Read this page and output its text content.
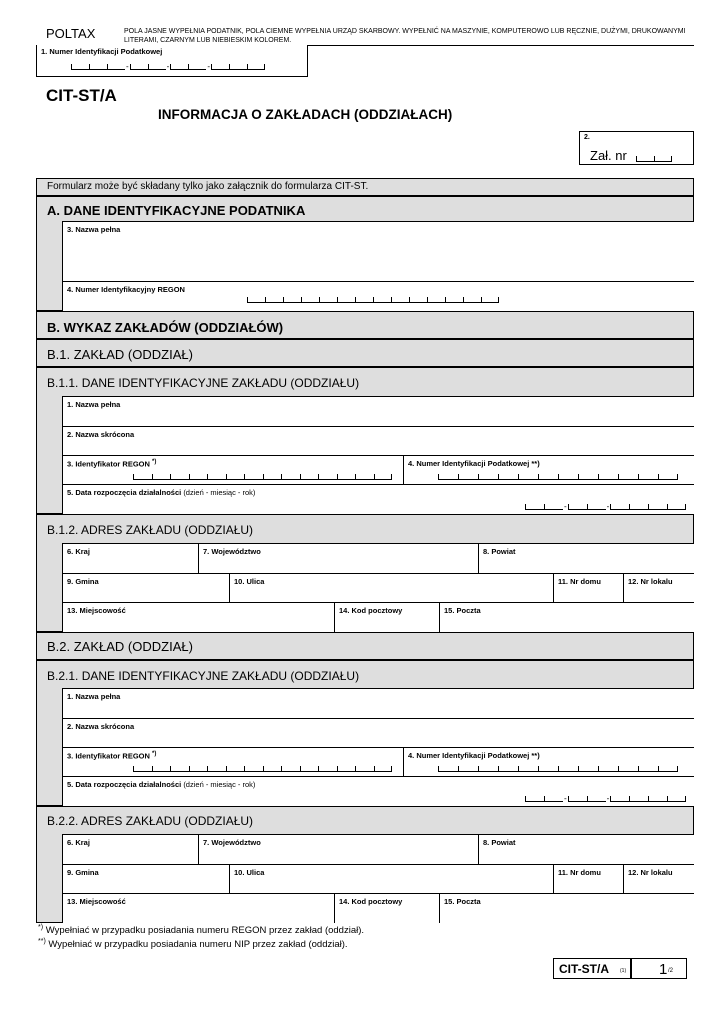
POLTAX	POLA JASNE WYPEŁNIA PODATNIK, POLA CIEMNE WYPEŁNIA URZĄD SKARBOWY. WYPEŁNIĆ NA MASZYNIE, KOMPUTEROWO LUB RĘCZNIE, DUŻYMI, DRUKOWANYMI LITERAMI, CZARNYM LUB NIEBIESKIM KOLOREM.
1. Numer Identyfikacji Podatkowej
-	-	-
CIT-ST/A
INFORMACJA O ZAKŁADACH (ODDZIAŁACH)
2.
Zał. nr
Formularz może być składany tylko jako załącznik do formularza CIT-ST.
A. DANE IDENTYFIKACYJNE PODATNIKA
3. Nazwa pełna
4. Numer Identyfikacyjny REGON
B. WYKAZ ZAKŁADÓW (ODDZIAŁÓW)
B.1. ZAKŁAD (ODDZIAŁ)
B.1.1. DANE IDENTYFIKACYJNE ZAKŁADU (ODDZIAŁU)
1. Nazwa pełna
2. Nazwa skrócona
3. Identyfikator REGON *)	4. Numer Identyfikacji Podatkowej **)
5. Data rozpoczęcia działalności (dzień - miesiąc - rok)
-	-
B.1.2. ADRES ZAKŁADU (ODDZIAŁU)
6. Kraj	7. Województwo	8. Powiat
9. Gmina	10. Ulica	11. Nr domu	12. Nr lokalu
13. Miejscowość	14. Kod pocztowy	15. Poczta
B.2. ZAKŁAD (ODDZIAŁ)
B.2.1. DANE IDENTYFIKACYJNE ZAKŁADU (ODDZIAŁU)
1. Nazwa pełna
2. Nazwa skrócona
3. Identyfikator REGON *)	4. Numer Identyfikacji Podatkowej **)
5. Data rozpoczęcia działalności (dzień - miesiąc - rok)
-	-
B.2.2. ADRES ZAKŁADU (ODDZIAŁU)
6. Kraj	7. Województwo	8. Powiat
9. Gmina	10. Ulica	11. Nr domu	12. Nr lokalu
13. Miejscowość	14. Kod pocztowy	15. Poczta
*) Wypełniać w przypadku posiadania numeru REGON przez zakład (oddział).
**) Wypełniać w przypadku posiadania numeru NIP przez zakład (oddział).
CIT-ST/A (1) 1 /2
